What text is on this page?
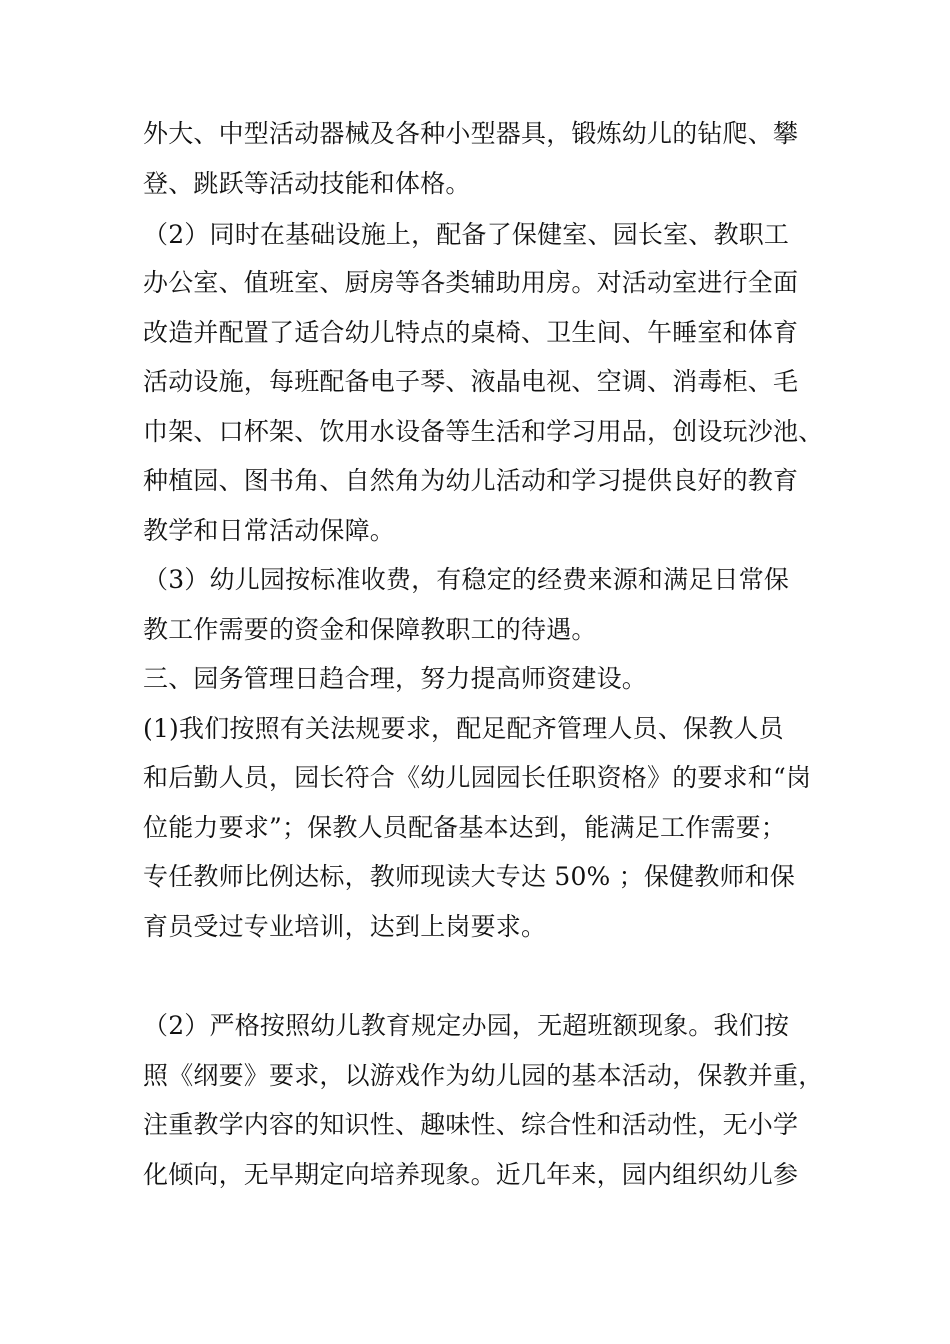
外大、中型活动器械及各种小型器具，锻炼幼儿的钻爬、攀
登、跳跃等活动技能和体格。
（2）同时在基础设施上，配备了保健室、园长室、教职工
办公室、值班室、厨房等各类辅助用房。对活动室进行全面
改造并配置了适合幼儿特点的桌椅、卫生间、午睡室和体育
活动设施，每班配备电子琴、液晶电视、空调、消毒柜、毛
巾架、口杯架、饮用水设备等生活和学习用品，创设玩沙池、
种植园、图书角、自然角为幼儿活动和学习提供良好的教育
教学和日常活动保障。
（3）幼儿园按标准收费，有稳定的经费来源和满足日常保
教工作需要的资金和保障教职工的待遇。
三、园务管理日趋合理，努力提高师资建设。
(1)我们按照有关法规要求，配足配齐管理人员、保教人员
和后勤人员，园长符合《幼儿园园长任职资格》的要求和“岗
位能力要求”；保教人员配备基本达到，能满足工作需要；
专任教师比例达标，教师现读大专达 50% ；保健教师和保
育员受过专业培训，达到上岗要求。
（2）严格按照幼儿教育规定办园，无超班额现象。我们按
照《纲要》要求，以游戏作为幼儿园的基本活动，保教并重，
注重教学内容的知识性、趣味性、综合性和活动性，无小学
化倾向，无早期定向培养现象。近几年来，园内组织幼儿参
